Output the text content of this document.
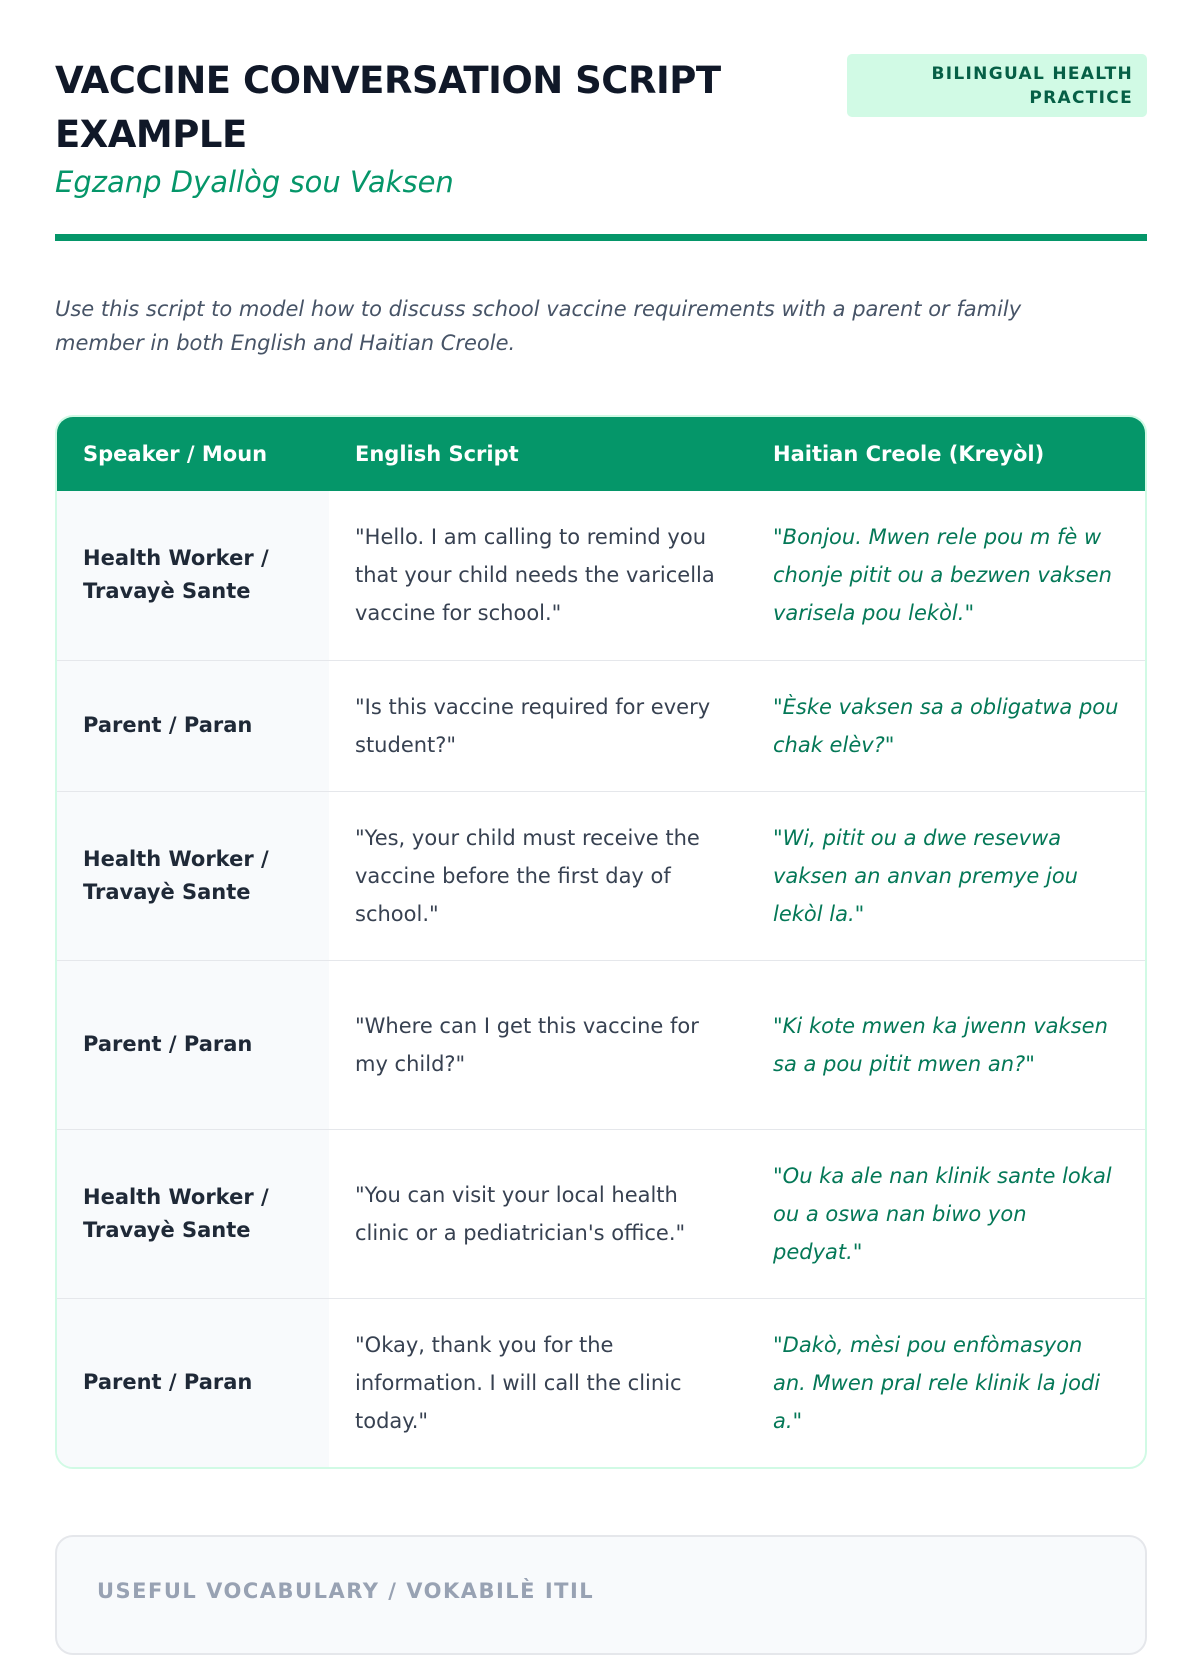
VACCINE CONVERSATION SCRIPT EXAMPLE
Egzanp Dyallòg sou Vaksen
BILINGUAL HEALTH PRACTICE

Use this script to model how to discuss school vaccine requirements with a parent or family member in both English and Haitian Creole.

Speaker / Moun	English Script	Haitian Creole (Kreyòl)
Health Worker / Travayè Sante	"Hello. I am calling to remind you that your child needs the varicella vaccine for school."	"Bonjou. Mwen rele pou m fè w chonje pitit ou a bezwen vaksen varisela pou lekòl."
Parent / Paran	"Is this vaccine required for every student?"	"Èske vaksen sa a obligatwa pou chak elèv?"
Health Worker / Travayè Sante	"Yes, your child must receive the vaccine before the first day of school."	"Wi, pitit ou a dwe resevwa vaksen an anvan premye jou lekòl la."
Parent / Paran	"Where can I get this vaccine for my child?"	"Ki kote mwen ka jwenn vaksen sa a pou pitit mwen an?"
Health Worker / Travayè Sante	"You can visit your local health clinic or a pediatrician's office."	"Ou ka ale nan klinik sante lokal ou a oswa nan biwo yon pedyat."
Parent / Paran	"Okay, thank you for the information. I will call the clinic today."	"Dakò, mèsi pou enfòmasyon an. Mwen pral rele klinik la jodi a."
USEFUL VOCABULARY / VOKABILÈ ITIL
